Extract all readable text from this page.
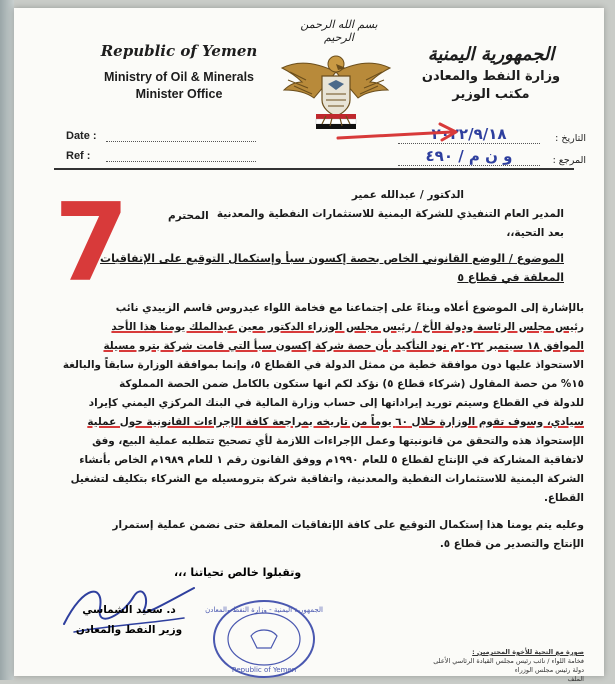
Republic of Yemen
Ministry of Oil & Minerals
Minister Office
بسم الله الرحمن الرحيم
الجمهورية اليمنية
وزارة النفط والمعادن
مكتب الوزير
Date :
Ref :
التاريخ :
٢٠٢٢/٩/١٨
المرجع :
و ن م / ٤٩٠
7	الدكتور / عبدالله عمير
المدير العام التنفيذي للشركة اليمنية للاستثمارات النفطية والمعدنية
المحترم
بعد التحية،،
الموضوع / الوضع القانوني الخاص بحصة إكسون سبأ وإستكمال التوقيع على الإتفاقيات
المعلقة في قطاع ٥
بالإشارة إلى الموضوع أعلاه وبناءً على إجتماعنا مع فخامة اللواء عيدروس قاسم الزبيدي نائب
رئيس مجلس الرئاسة ودولة الأخ / رئيس مجلس الوزراء الدكتور معين عبدالملك يومنا هذا الأحد
الموافق ١٨ سبتمبر ٢٠٢٢م نود التأكيد بأن حصة شركة إكسون سبأ التي قامت شركة بترو مسيلة
الاستحواذ عليها دون موافقة خطية من ممثل الدولة في القطاع ٥، وإنما بموافقة الوزارة سابقاً والبالغة
١٥% من حصة المقاول (شركاء قطاع ٥) نؤكد لكم انها ستكون بالكامل ضمن الحصة المملوكة
للدولة في القطاع وسيتم توريد إيراداتها إلى حساب وزارة المالية في البنك المركزي اليمني كإيراد
سيادي، وسوف تقوم الوزارة خلال ٦٠ يوماً من تاريخه بمراجعة كافة الإجراءات القانونية حول عملية
الإستحواذ هذه والتحقق من قانونيتها وعمل الإجراءات اللازمة لأي تصحيح تتطلبه عملية البيع، وفق
لاتفاقية المشاركة في الإنتاج لقطاع ٥ للعام ١٩٩٠م ووفق القانون رقم ١ للعام ١٩٨٩م الخاص بأنشاء
الشركة اليمنية للاستثمارات النفطية والمعدنية، واتفاقية شركة بترومسيله مع الشركاء بتكليف لتشغيل
القطاع.
وعليه يتم يومنا هذا إستكمال التوقيع على كافة الإتفاقيات المعلقة حتى نضمن عملية إستمرار
الإنتاج والتصدير من قطاع ٥.
وتقبلوا خالص تحياتنا ،،،
د. سعيد الشماسي
وزير النفط والمعادن
الجمهورية اليمنية - وزارة النفط والمعادن
Republic of Yemen
صورة مع التحية للأخوة المحترمين :
فخامة اللواء / نائب رئيس مجلس القيادة الرئاسي الأعلى
دولة رئيس مجلس الوزراء
الملف
